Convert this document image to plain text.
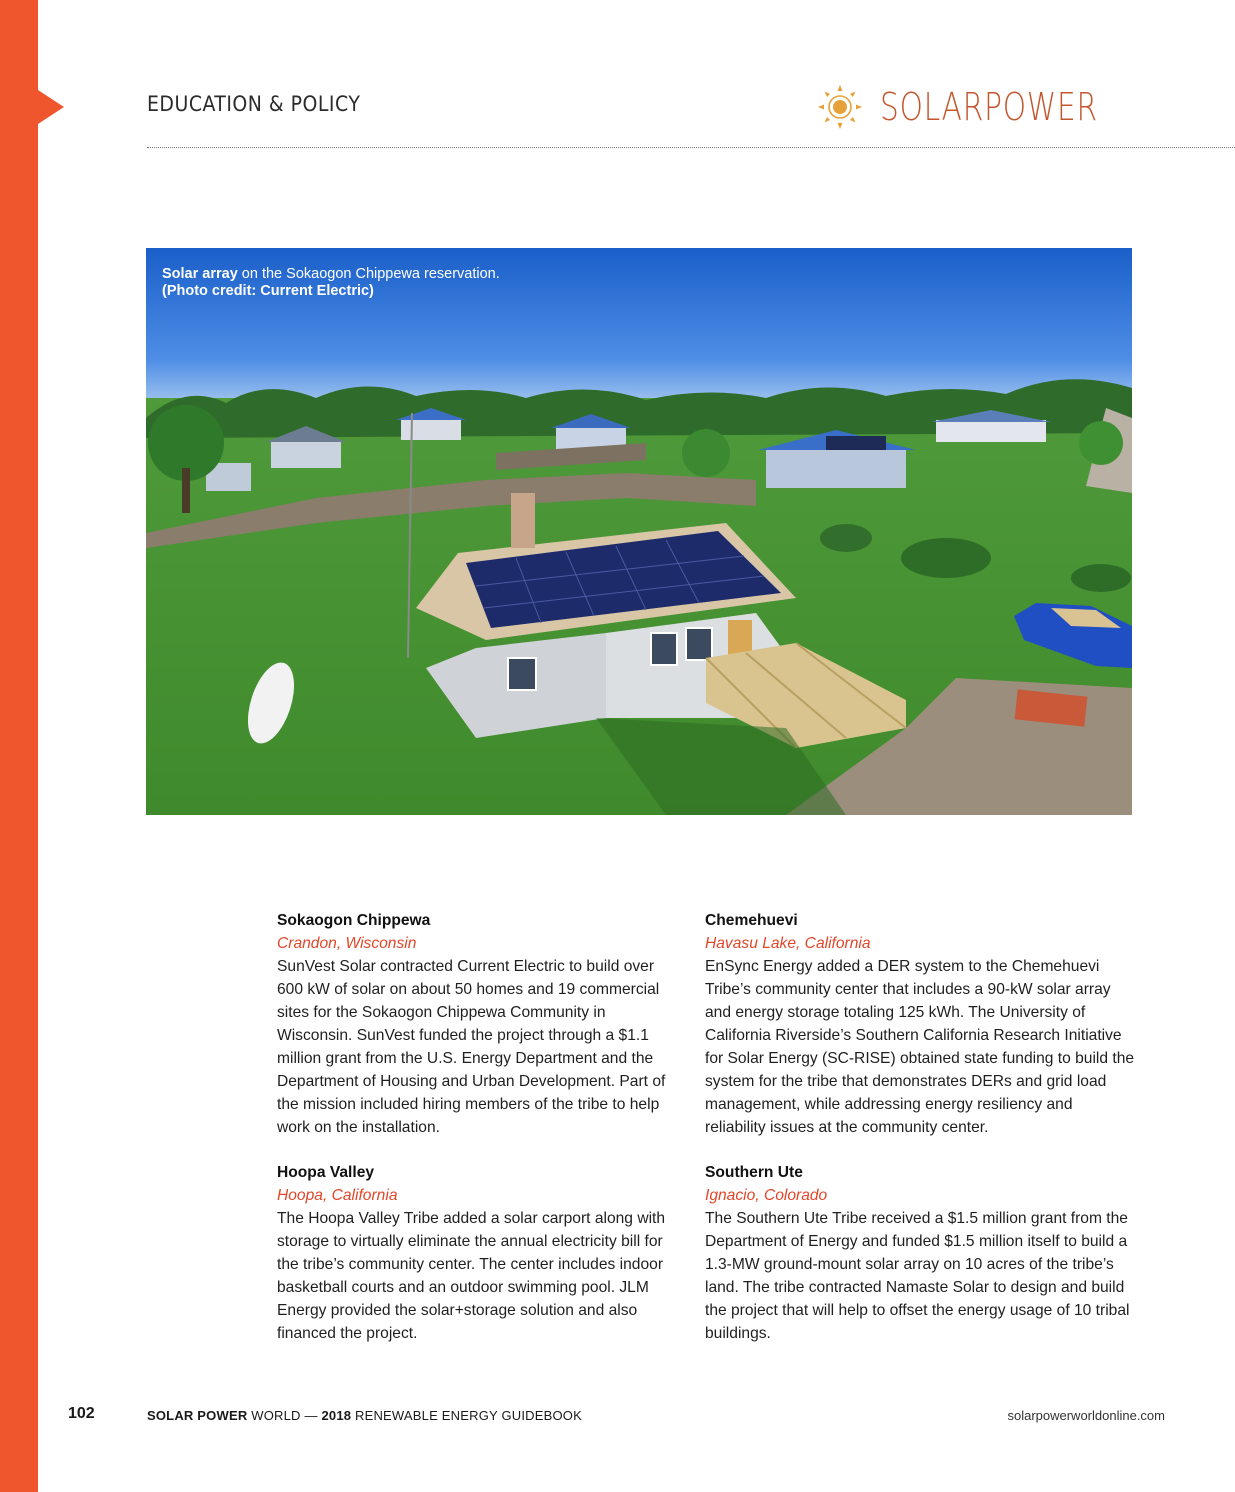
EDUCATION & POLICY	SOLARPOWER
Solar array on the Sokaogon Chippewa reservation.
(Photo credit: Current Electric)
Sokaogon Chippewa
Crandon, Wisconsin
SunVest Solar contracted Current Electric to build over 600 kW of solar on about 50 homes and 19 commercial sites for the Sokaogon Chippewa Community in Wisconsin. SunVest funded the project through a $1.1 million grant from the U.S. Energy Department and the Department of Housing and Urban Development. Part of the mission included hiring members of the tribe to help work on the installation.
Hoopa Valley
Hoopa, California
The Hoopa Valley Tribe added a solar carport along with storage to virtually eliminate the annual electricity bill for the tribe’s community center. The center includes indoor basketball courts and an outdoor swimming pool. JLM Energy provided the solar+storage solution and also financed the project.
Chemehuevi
Havasu Lake, California
EnSync Energy added a DER system to the Chemehuevi Tribe’s community center that includes a 90-kW solar array and energy storage totaling 125 kWh. The University of California Riverside’s Southern California Research Initiative for Solar Energy (SC-RISE) obtained state funding to build the system for the tribe that demonstrates DERs and grid load management, while addressing energy resiliency and reliability issues at the community center.
Southern Ute
Ignacio, Colorado
The Southern Ute Tribe received a $1.5 million grant from the Department of Energy and funded $1.5 million itself to build a 1.3-MW ground-mount solar array on 10 acres of the tribe’s land. The tribe contracted Namaste Solar to design and build the project that will help to offset the energy usage of 10 tribal buildings.
102	SOLAR POWER WORLD — 2018 RENEWABLE ENERGY GUIDEBOOK	solarpowerworldonline.com
